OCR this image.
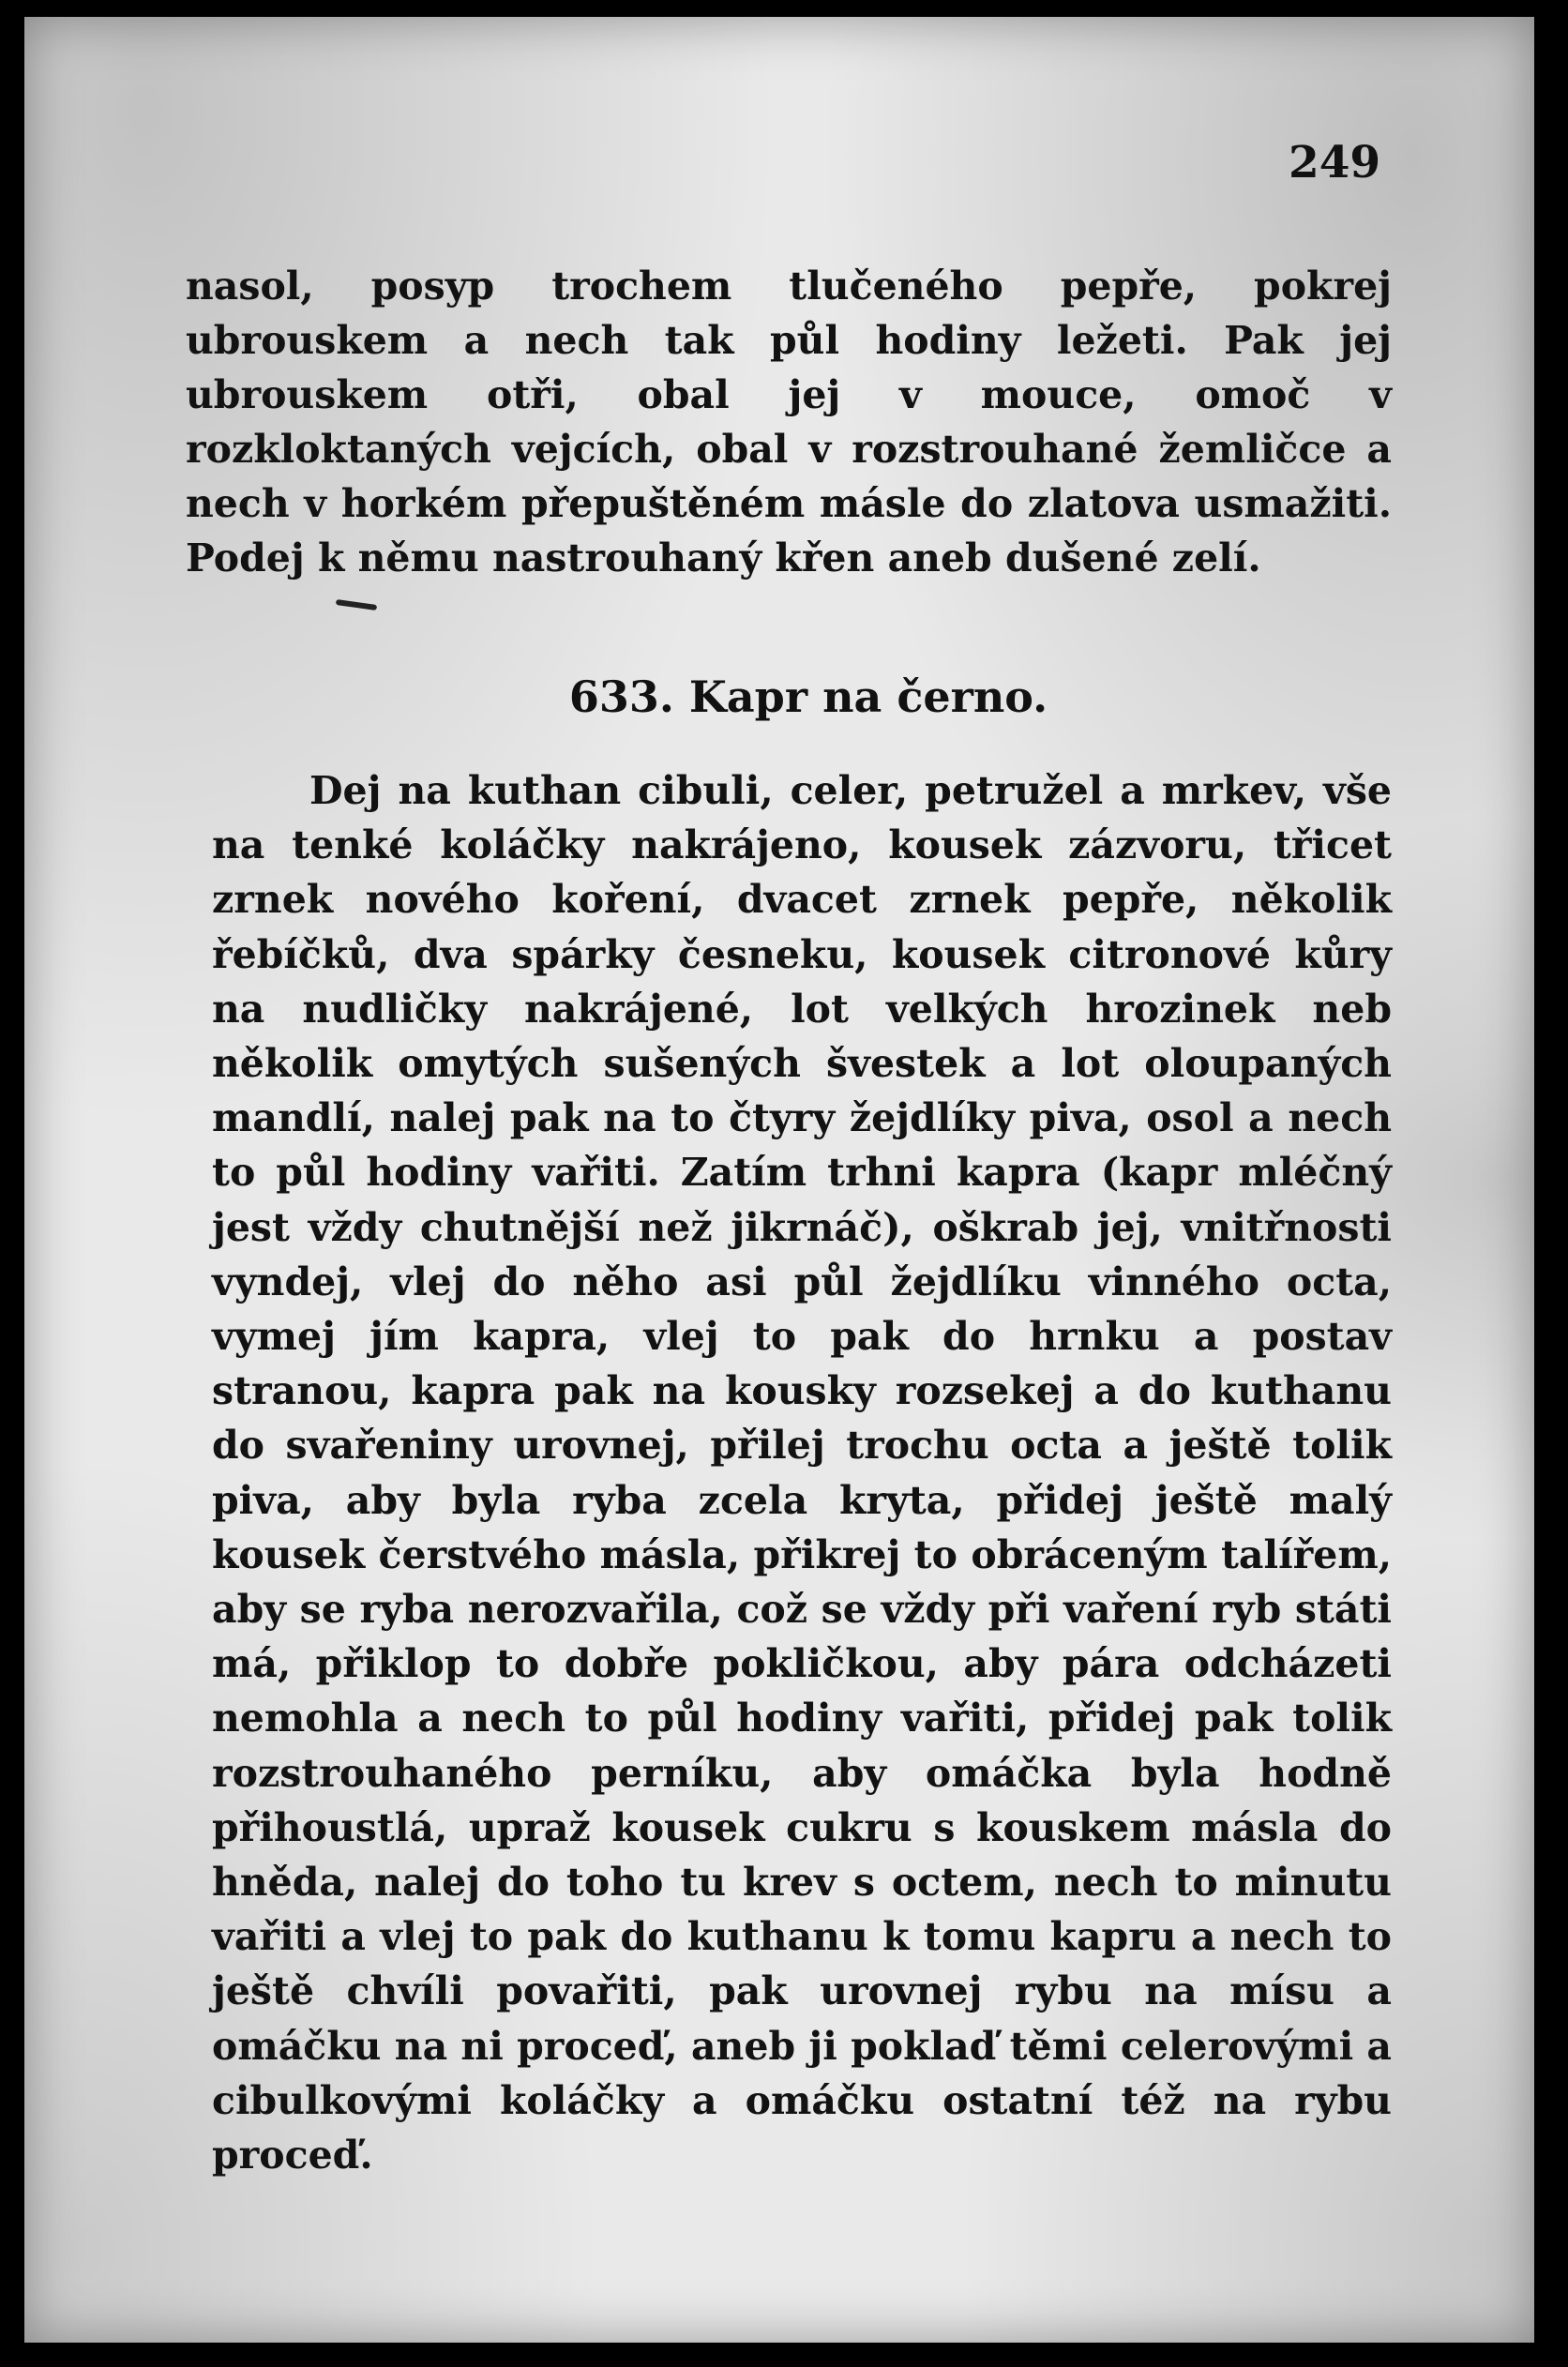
249

nasol, posyp trochem tlučeného pepře, pokrej ubrouskem a nech tak půl hodiny ležeti. Pak jej ubrouskem otři, obal jej v mouce, omoč v rozkloktaných vejcích, obal v rozstrouhané žemličce a nech v horkém přepuštěném másle do zlatova usmažiti. Podej k němu nastrouhaný křen aneb dušené zelí.

633. Kapr na černo.

Dej na kuthan cibuli, celer, petružel a mrkev, vše na tenké koláčky nakrájeno, kousek zázvoru, třicet zrnek nového koření, dvacet zrnek pepře, několik řebíčků, dva spárky česneku, kousek citronové kůry na nudličky nakrájené, lot velkých hrozinek neb několik omytých sušených švestek a lot oloupaných mandlí, nalej pak na to čtyry žejdlíky piva, osol a nech to půl hodiny vařiti. Zatím trhni kapra (kapr mléčný jest vždy chutnější než jikrnáč), oškrab jej, vnitřnosti vyndej, vlej do něho asi půl žejdlíku vinného octa, vymej jím kapra, vlej to pak do hrnku a postav stranou, kapra pak na kousky rozsekej a do kuthanu do svařeniny urovnej, přilej trochu octa a ještě tolik piva, aby byla ryba zcela kryta, přidej ještě malý kousek čerstvého másla, přikrej to obráceným talířem, aby se ryba nerozvařila, což se vždy při vaření ryb státi má, přiklop to dobře pokličkou, aby pára odcházeti nemohla a nech to půl hodiny vařiti, přidej pak tolik rozstrouhaného perníku, aby omáčka byla hodně přihoustlá, upraž kousek cukru s kouskem másla do hněda, nalej do toho tu krev s octem, nech to minutu vařiti a vlej to pak do kuthanu k tomu kapru a nech to ještě chvíli povařiti, pak urovnej rybu na mísu a omáčku na ni proceď, aneb ji poklaď těmi celerovými a cibulkovými koláčky a omáčku ostatní též na rybu proceď.
